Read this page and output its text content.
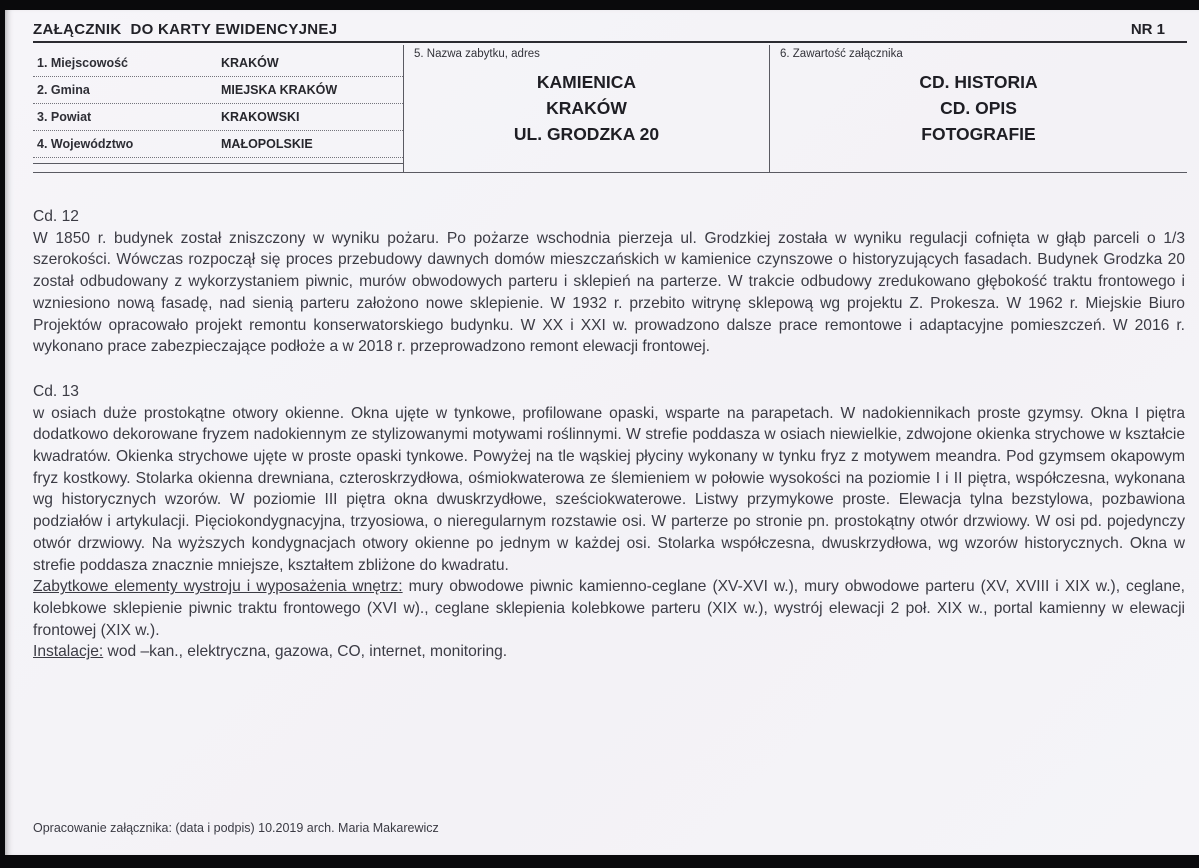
ZAŁĄCZNIK  DO KARTY EWIDENCYJNEJ	NR 1
1. Miejscowość	KRAKÓW
2. Gmina	MIEJSKA KRAKÓW
3. Powiat	KRAKOWSKI
4. Województwo	MAŁOPOLSKIE
5. Nazwa zabytku, adres
KAMIENICA
KRAKÓW
UL. GRODZKA 20
6. Zawartość załącznika
CD. HISTORIA
CD. OPIS
FOTOGRAFIE

Cd. 12

W 1850 r. budynek został zniszczony w wyniku pożaru. Po pożarze wschodnia pierzeja ul. Grodzkiej została w wyniku regulacji cofnięta w głąb parceli o 1/3 szerokości. Wówczas rozpoczął się proces przebudowy dawnych domów mieszczańskich w kamienice czynszowe o historyzujących fasadach. Budynek Grodzka 20 został odbudowany z wykorzystaniem piwnic, murów obwodowych parteru i sklepień na parterze. W trakcie odbudowy zredukowano głębokość traktu frontowego i wzniesiono nową fasadę, nad sienią parteru założono nowe sklepienie. W 1932 r. przebito witrynę sklepową wg projektu Z. Prokesza. W 1962 r. Miejskie Biuro Projektów opracowało projekt remontu konserwatorskiego budynku. W XX i XXI w. prowadzono dalsze prace remontowe i adaptacyjne pomieszczeń. W 2016 r. wykonano prace zabezpieczające podłoże a w 2018 r. przeprowadzono remont elewacji frontowej.

Cd. 13

w osiach duże prostokątne otwory okienne. Okna ujęte w tynkowe, profilowane opaski, wsparte na parapetach. W nadokiennikach proste gzymsy. Okna I piętra dodatkowo dekorowane fryzem nadokiennym ze stylizowanymi motywami roślinnymi. W strefie poddasza w osiach niewielkie, zdwojone okienka strychowe w kształcie kwadratów. Okienka strychowe ujęte w proste opaski tynkowe. Powyżej na tle wąskiej płyciny wykonany w tynku fryz z motywem meandra. Pod gzymsem okapowym fryz kostkowy. Stolarka okienna drewniana, czteroskrzydłowa, ośmiokwaterowa ze ślemieniem w połowie wysokości na poziomie I i II piętra, współczesna, wykonana wg historycznych wzorów. W poziomie III piętra okna dwuskrzydłowe, sześciokwaterowe. Listwy przymykowe proste. Elewacja tylna bezstylowa, pozbawiona podziałów i artykulacji. Pięciokondygnacyjna, trzyosiowa, o nieregularnym rozstawie osi. W parterze po stronie pn. prostokątny otwór drzwiowy. W osi pd. pojedynczy otwór drzwiowy. Na wyższych kondygnacjach otwory okienne po jednym w każdej osi. Stolarka współczesna, dwuskrzydłowa, wg wzorów historycznych. Okna w strefie poddasza znacznie mniejsze, kształtem zbliżone do kwadratu.

Zabytkowe elementy wystroju i wyposażenia wnętrz: mury obwodowe piwnic kamienno-ceglane (XV-XVI w.), mury obwodowe parteru (XV, XVIII i XIX w.), ceglane, kolebkowe sklepienie piwnic traktu frontowego (XVI w)., ceglane sklepienia kolebkowe parteru (XIX w.), wystrój elewacji 2 poł. XIX w., portal kamienny w elewacji frontowej (XIX w.).

Instalacje: wod –kan., elektryczna, gazowa, CO, internet, monitoring.

Opracowanie załącznika: (data i podpis) 10.2019 arch. Maria Makarewicz
